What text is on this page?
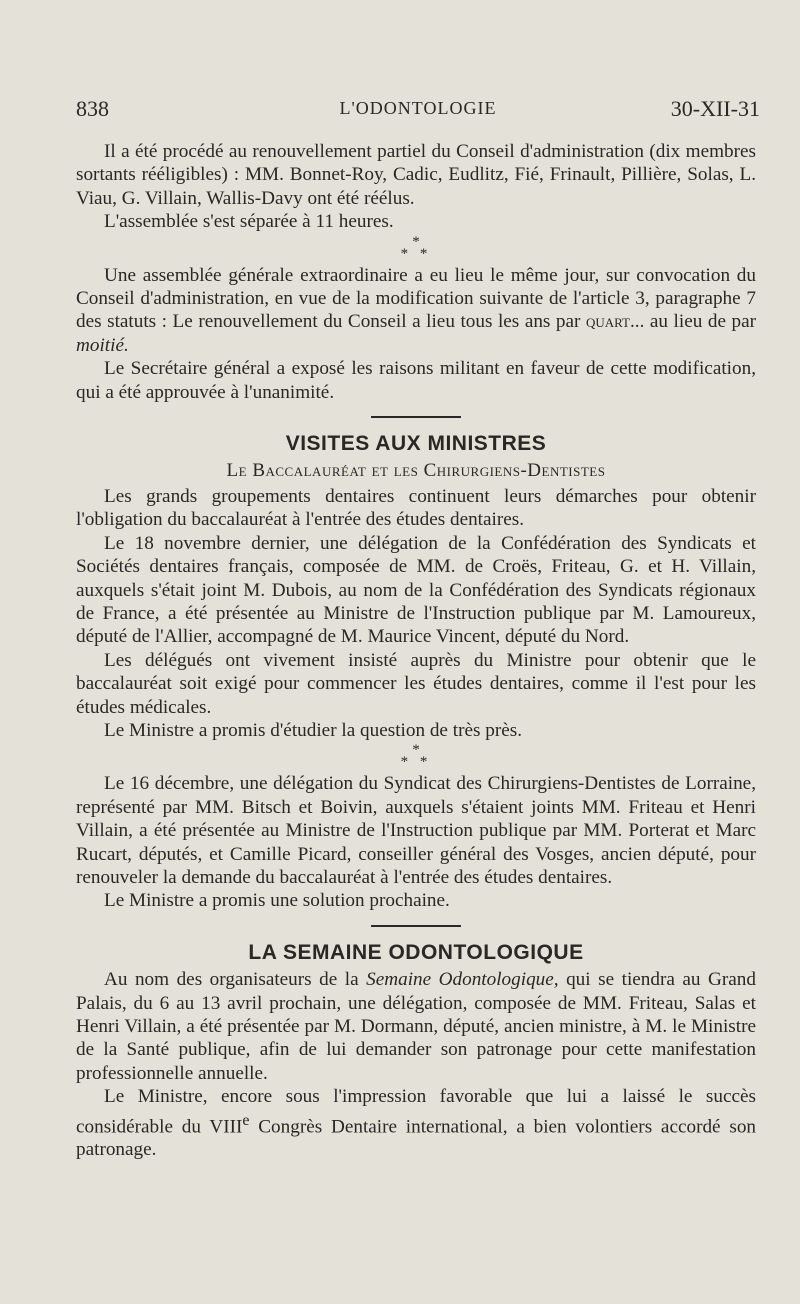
838	L'ODONTOLOGIE	30-XII-31

Il a été procédé au renouvellement partiel du Conseil d'administration (dix membres sortants rééligibles) : MM. Bonnet-Roy, Cadic, Eudlitz, Fié, Frinault, Pillière, Solas, L. Viau, G. Villain, Wallis-Davy ont été réélus.

L'assemblée s'est séparée à 11 heures.

*
* *

Une assemblée générale extraordinaire a eu lieu le même jour, sur convocation du Conseil d'administration, en vue de la modification suivante de l'article 3, paragraphe 7 des statuts : Le renouvellement du Conseil a lieu tous les ans par quart... au lieu de par moitié.

Le Secrétaire général a exposé les raisons militant en faveur de cette modification, qui a été approuvée à l'unanimité.

VISITES AUX MINISTRES
Le Baccalauréat et les Chirurgiens-Dentistes

Les grands groupements dentaires continuent leurs démarches pour obtenir l'obligation du baccalauréat à l'entrée des études dentaires.

Le 18 novembre dernier, une délégation de la Confédération des Syndicats et Sociétés dentaires français, composée de MM. de Croës, Friteau, G. et H. Villain, auxquels s'était joint M. Dubois, au nom de la Confédération des Syndicats régionaux de France, a été présentée au Ministre de l'Instruction publique par M. Lamoureux, député de l'Allier, accompagné de M. Maurice Vincent, député du Nord.

Les délégués ont vivement insisté auprès du Ministre pour obtenir que le baccalauréat soit exigé pour commencer les études dentaires, comme il l'est pour les études médicales.

Le Ministre a promis d'étudier la question de très près.

*
* *

Le 16 décembre, une délégation du Syndicat des Chirurgiens-Dentistes de Lorraine, représenté par MM. Bitsch et Boivin, auxquels s'étaient joints MM. Friteau et Henri Villain, a été présentée au Ministre de l'Instruction publique par MM. Porterat et Marc Rucart, députés, et Camille Picard, conseiller général des Vosges, ancien député, pour renouveler la demande du baccalauréat à l'entrée des études dentaires.

Le Ministre a promis une solution prochaine.

LA SEMAINE ODONTOLOGIQUE

Au nom des organisateurs de la Semaine Odontologique, qui se tiendra au Grand Palais, du 6 au 13 avril prochain, une délégation, composée de MM. Friteau, Salas et Henri Villain, a été présentée par M. Dormann, député, ancien ministre, à M. le Ministre de la Santé publique, afin de lui demander son patronage pour cette manifestation professionnelle annuelle.

Le Ministre, encore sous l'impression favorable que lui a laissé le succès considérable du VIIIe Congrès Dentaire international, a bien volontiers accordé son patronage.
